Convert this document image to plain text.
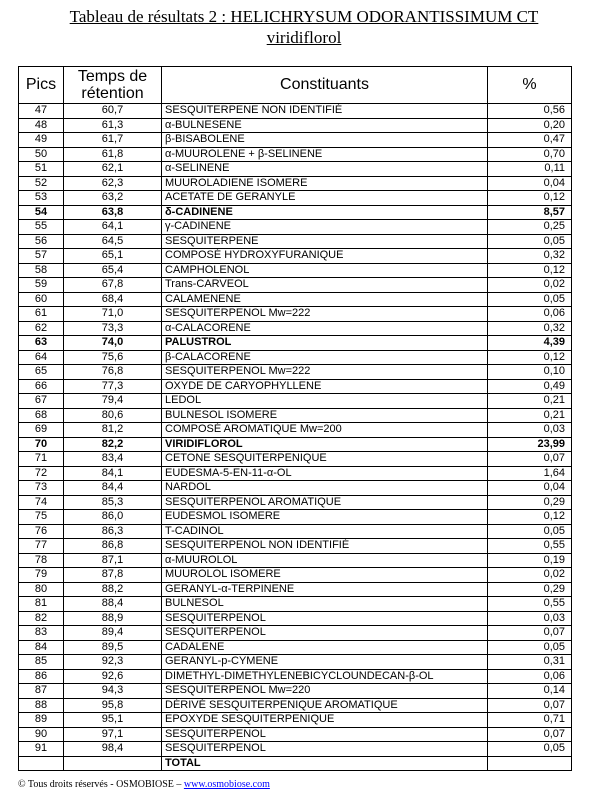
Tableau de résultats 2 : HELICHRYSUM ODORANTISSIMUM CT
viridiflorol
Pics	Temps de rétention	Constituants	%
47	60,7	SESQUITERPENE NON IDENTIFIÉ	0,56
48	61,3	α-BULNESENE	0,20
49	61,7	β-BISABOLENE	0,47
50	61,8	α-MUUROLENE + β-SELINENE	0,70
51	62,1	α-SELINENE	0,11
52	62,3	MUUROLADIENE ISOMERE	0,04
53	63,2	ACETATE DE GERANYLE	0,12
54	63,8	δ-CADINENE	8,57
55	64,1	γ-CADINENE	0,25
56	64,5	SESQUITERPENE	0,05
57	65,1	COMPOSÉ HYDROXYFURANIQUE	0,32
58	65,4	CAMPHOLENOL	0,12
59	67,8	Trans-CARVEOL	0,02
60	68,4	CALAMENENE	0,05
61	71,0	SESQUITERPENOL Mw=222	0,06
62	73,3	α-CALACORENE	0,32
63	74,0	PALUSTROL	4,39
64	75,6	β-CALACORENE	0,12
65	76,8	SESQUITERPENOL Mw=222	0,10
66	77,3	OXYDE DE CARYOPHYLLENE	0,49
67	79,4	LEDOL	0,21
68	80,6	BULNESOL ISOMERE	0,21
69	81,2	COMPOSÉ AROMATIQUE Mw=200	0,03
70	82,2	VIRIDIFLOROL	23,99
71	83,4	CETONE SESQUITERPENIQUE	0,07
72	84,1	EUDESMA-5-EN-11-α-OL	1,64
73	84,4	NARDOL	0,04
74	85,3	SESQUITERPENOL AROMATIQUE	0,29
75	86,0	EUDESMOL ISOMERE	0,12
76	86,3	T-CADINOL	0,05
77	86,8	SESQUITERPENOL NON IDENTIFIÉ	0,55
78	87,1	α-MUUROLOL	0,19
79	87,8	MUUROLOL ISOMERE	0,02
80	88,2	GERANYL-α-TERPINENE	0,29
81	88,4	BULNESOL	0,55
82	88,9	SESQUITERPENOL	0,03
83	89,4	SESQUITERPENOL	0,07
84	89,5	CADALENE	0,05
85	92,3	GERANYL-p-CYMENE	0,31
86	92,6	DIMETHYL-DIMETHYLENEBICYCLOUNDECAN-β-OL	0,06
87	94,3	SESQUITERPENOL Mw=220	0,14
88	95,8	DÉRIVÉ SESQUITERPENIQUE AROMATIQUE	0,07
89	95,1	EPOXYDE SESQUITERPENIQUE	0,71
90	97,1	SESQUITERPENOL	0,07
91	98,4	SESQUITERPENOL	0,05
		TOTAL	
© Tous droits réservés - OSMOBIOSE – www.osmobiose.com
